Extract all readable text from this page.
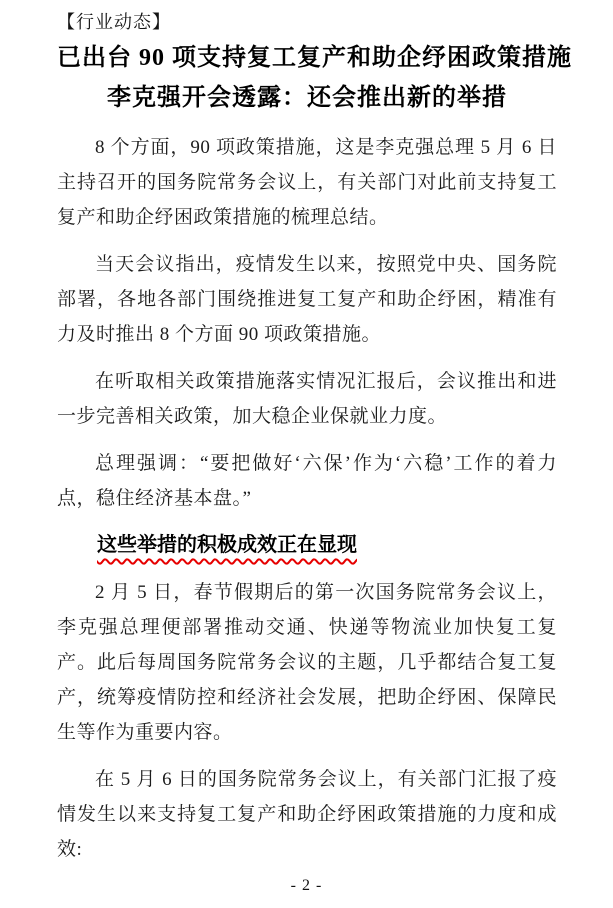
【行业动态】
已出台 90 项支持复工复产和助企纾困政策措施
李克强开会透露：还会推出新的举措

8 个方面，90 项政策措施，这是李克强总理 5 月 6 日主持召开的国务院常务会议上，有关部门对此前支持复工复产和助企纾困政策措施的梳理总结。

当天会议指出，疫情发生以来，按照党中央、国务院部署，各地各部门围绕推进复工复产和助企纾困，精准有力及时推出 8 个方面 90 项政策措施。

在听取相关政策措施落实情况汇报后，会议推出和进一步完善相关政策，加大稳企业保就业力度。

总理强调：“要把做好‘六保’作为‘六稳’工作的着力点，稳住经济基本盘。”

这些举措的积极成效正在显现

2 月 5 日，春节假期后的第一次国务院常务会议上，李克强总理便部署推动交通、快递等物流业加快复工复产。此后每周国务院常务会议的主题，几乎都结合复工复产，统筹疫情防控和经济社会发展，把助企纾困、保障民生等作为重要内容。

在 5 月 6 日的国务院常务会议上，有关部门汇报了疫情发生以来支持复工复产和助企纾困政策措施的力度和成效:

- 2 -
